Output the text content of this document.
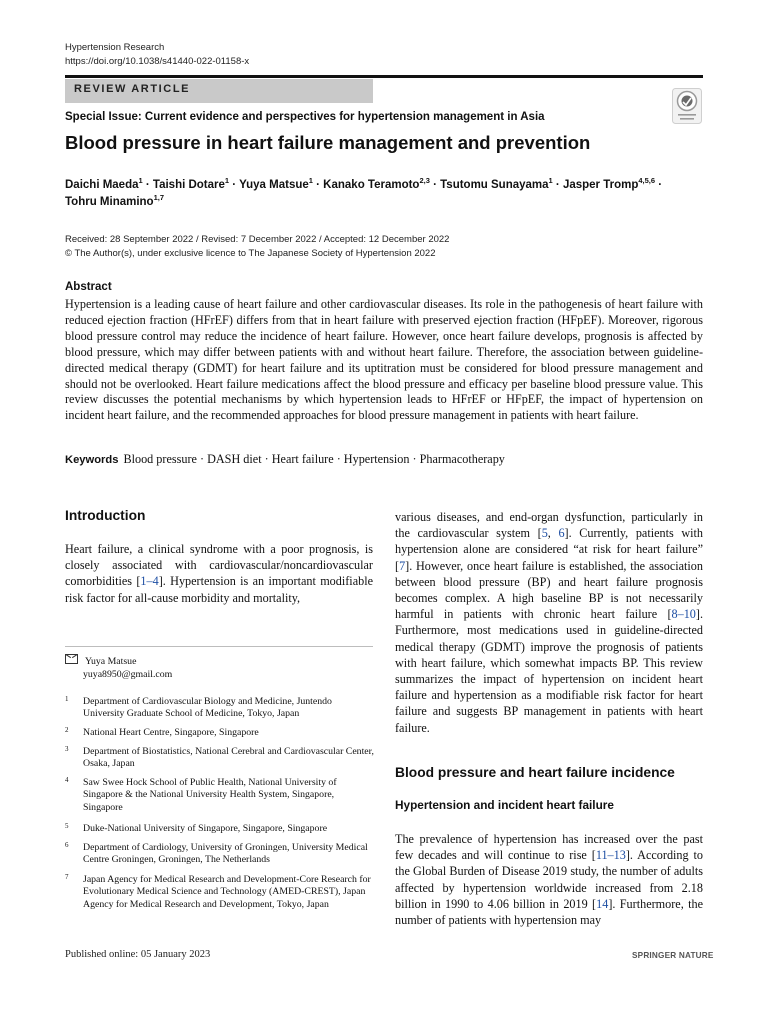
Hypertension Research
https://doi.org/10.1038/s41440-022-01158-x
REVIEW ARTICLE
Special Issue: Current evidence and perspectives for hypertension management in Asia
Blood pressure in heart failure management and prevention
Daichi Maeda$^1$ · Taishi Dotare$^1$ · Yuya Matsue$^1$ · Kanako Teramoto$^{2,3}$ · Tsutomu Sunayama$^1$ · Jasper Tromp$^{4,5,6}$ ·
Tohru Minamino$^{1,7}$
Received: 28 September 2022 / Revised: 7 December 2022 / Accepted: 12 December 2022
© The Author(s), under exclusive licence to The Japanese Society of Hypertension 2022
Abstract
Hypertension is a leading cause of heart failure and other cardiovascular diseases. Its role in the pathogenesis of heart failure with reduced ejection fraction (HFrEF) differs from that in heart failure with preserved ejection fraction (HFpEF). Moreover, rigorous blood pressure control may reduce the incidence of heart failure. However, once heart failure develops, prognosis is affected by blood pressure, which may differ between patients with and without heart failure. Therefore, the association between guideline-directed medical therapy (GDMT) for heart failure and its uptitration must be considered for blood pressure management and should not be overlooked. Heart failure medications affect the blood pressure and efficacy per baseline blood pressure value. This review discusses the potential mechanisms by which hypertension leads to HFrEF or HFpEF, the impact of hypertension on incident heart failure, and the recommended approaches for blood pressure management in patients with heart failure.
Keywords Blood pressure · DASH diet · Heart failure · Hypertension · Pharmacotherapy
Introduction
Heart failure, a clinical syndrome with a poor prognosis, is closely associated with cardiovascular/noncardiovascular comorbidities [1–4]. Hypertension is an important modifiable risk factor for all-cause morbidity and mortality,
Yuya Matsue
yuya8950@gmail.com
1 Department of Cardiovascular Biology and Medicine, Juntendo University Graduate School of Medicine, Tokyo, Japan
2 National Heart Centre, Singapore, Singapore
3 Department of Biostatistics, National Cerebral and Cardiovascular Center, Osaka, Japan
4 Saw Swee Hock School of Public Health, National University of Singapore & the National University Health System, Singapore, Singapore
5 Duke-National University of Singapore, Singapore, Singapore
6 Department of Cardiology, University of Groningen, University Medical Centre Groningen, Groningen, The Netherlands
7 Japan Agency for Medical Research and Development-Core Research for Evolutionary Medical Science and Technology (AMED-CREST), Japan Agency for Medical Research and Development, Tokyo, Japan
various diseases, and end-organ dysfunction, particularly in the cardiovascular system [5, 6]. Currently, patients with hypertension alone are considered “at risk for heart failure” [7]. However, once heart failure is established, the association between blood pressure (BP) and heart failure prognosis becomes complex. A high baseline BP is not necessarily harmful in patients with chronic heart failure [8–10]. Furthermore, most medications used in guideline-directed medical therapy (GDMT) improve the prognosis of patients with heart failure, which somewhat impacts BP. This review summarizes the impact of hypertension on incident heart failure and hypertension as a modifiable risk factor for heart failure and suggests BP management in patients with heart failure.
Blood pressure and heart failure incidence
Hypertension and incident heart failure
The prevalence of hypertension has increased over the past few decades and will continue to rise [11–13]. According to the Global Burden of Disease 2019 study, the number of adults affected by hypertension worldwide increased from 2.18 billion in 1990 to 4.06 billion in 2019 [14]. Furthermore, the number of patients with hypertension may
Published online: 05 January 2023	SPRINGER NATURE
